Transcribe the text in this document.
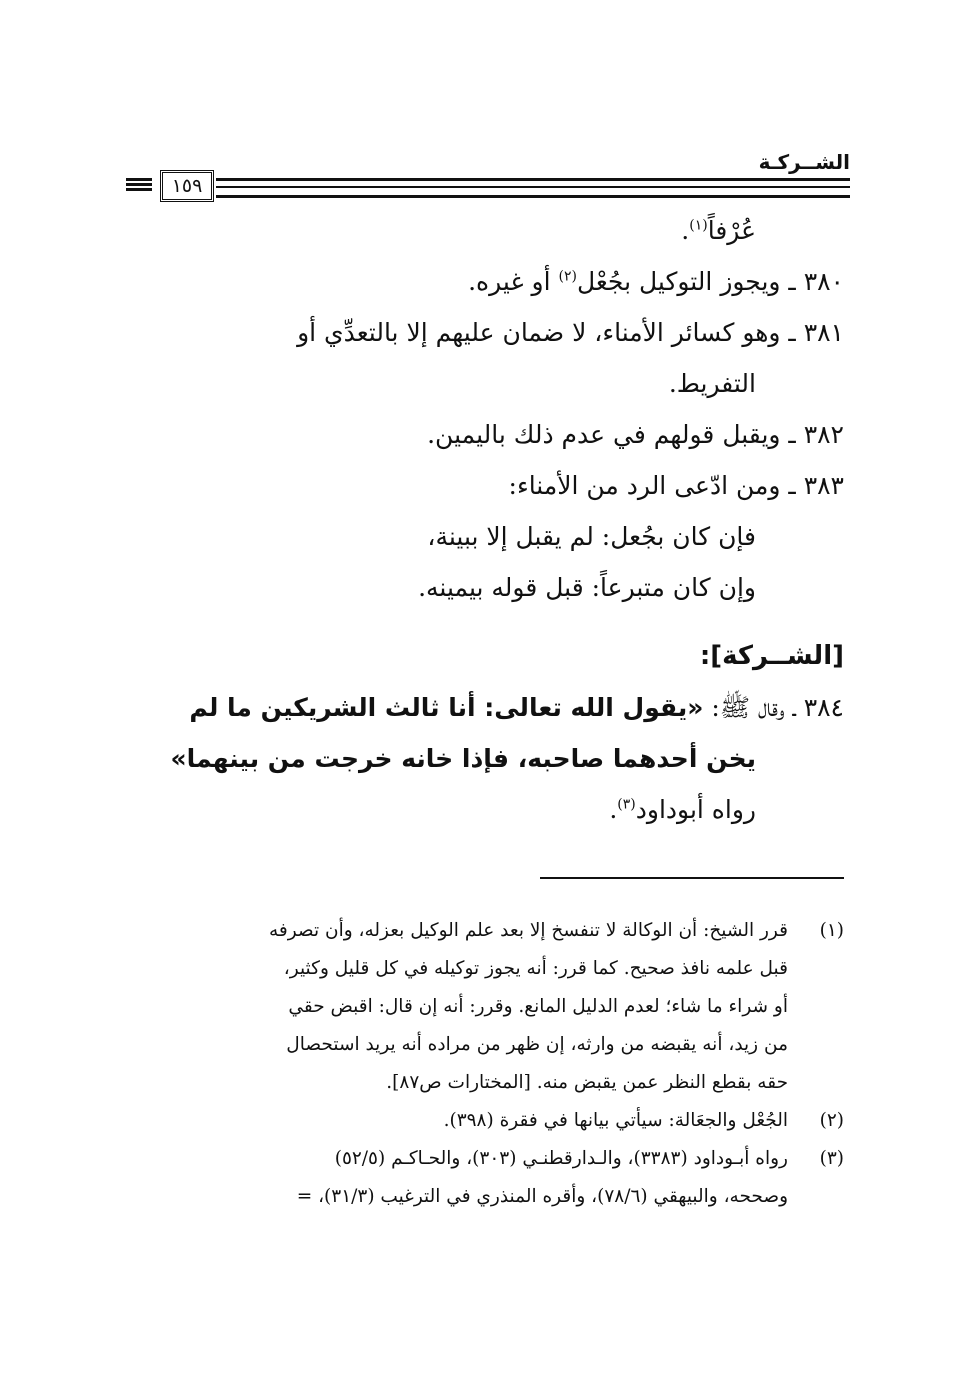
الشــركـة
١٥٩
عُرْفاً$^{(١)}$.
٣٨٠ ـ ويجوز التوكيل بجُعْل$^{(٢)}$ أو غيره.
٣٨١ ـ وهو كسائر الأمناء، لا ضمان عليهم إلا بالتعدِّي أو
التفريط.
٣٨٢ ـ ويقبل قولهم في عدم ذلك باليمين.
٣٨٣ ـ ومن ادّعى الرد من الأمناء:
فإن كان بجُعل: لم يقبل إلا ببينة،
وإن كان متبرعاً: قبل قوله بيمينه.
[الشــركة]:
٣٨٤ ـ وقال ﷺ: «يقول الله تعالى: أنا ثالث الشريكين ما لم
يخن أحدهما صاحبه، فإذا خانه خرجت من بينهما»
رواه أبوداود$^{(٣)}$.
(١)
قرر الشيخ: أن الوكالة لا تنفسخ إلا بعد علم الوكيل بعزله، وأن تصرفه
قبل علمه نافذ صحيح. كما قرر: أنه يجوز توكيله في كل قليل وكثير،
أو شراء ما شاء؛ لعدم الدليل المانع. وقرر: أنه إن قال: اقبض حقي
من زيد، أنه يقبضه من وارثه، إن ظهر من مراده أنه يريد استحصال
حقه بقطع النظر عمن يقبض منه. [المختارات ص٨٧].
(٢)
الجُعْل والجعَالة: سيأتي بيانها في فقرة (٣٩٨).
(٣)
رواه أبـوداود (٣٣٨٣)، والـدارقطنـي (٣٠٣)، والحـاكـم (٥٢/٥)
وصححه، والبيهقي (٧٨/٦)، وأقره المنذري في الترغيب (٣١/٣)، =
